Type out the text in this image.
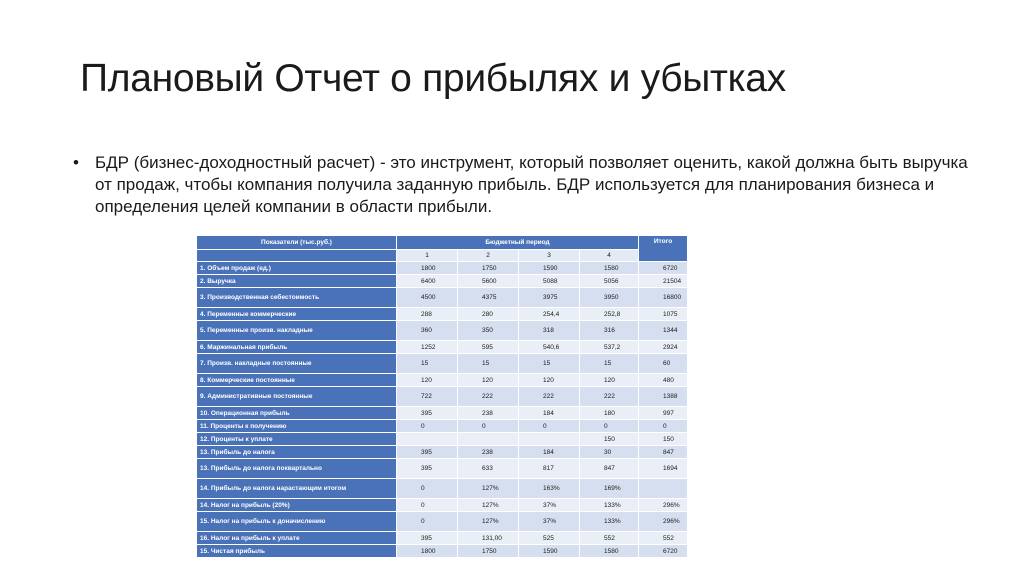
Плановый Отчет о прибылях и убытках
• БДР (бизнес-доходностный расчет) - это инструмент, который позволяет оценить, какой должна быть выручка от продаж, чтобы компания получила заданную прибыль. БДР используется для планирования бизнеса и определения целей компании в области прибыли.
Показатели (тыс.руб.)	Бюджетный период				Итого
	1	2	3	4	
1. Объем продаж (ед.)	1800	1750	1590	1580	6720
2. Выручка	6400	5600	5088	5056	21504
3. Производственная себестоимость	4500	4375	3975	3950	16800
4. Переменные коммерческие	288	280	254,4	252,8	1075
5. Переменные произв. накладные	360	350	318	316	1344
6. Маржинальная прибыль	1252	595	540,6	537,2	2924
7. Произв. накладные постоянные	15	15	15	15	60
8. Коммерческие постоянные	120	120	120	120	480
9. Административные постоянные	722	222	222	222	1388
10. Операционная прибыль	395	238	184	180	997
11. Проценты к получению	0	0	0	0	0
12. Проценты к уплате				150	150
13. Прибыль до налога	395	238	184	30	847
13. Прибыль до налога поквартально	395	633	817	847	1694
14. Прибыль до налога нарастающим итогом	0	127%	163%	169%	
14. Налог на прибыль (20%)	0	127%	37%	133%	296%
15. Налог на прибыль к доначислению	0	127%	37%	133%	296%
16. Налог на прибыль к уплате	395	131,00	525	552	552
15. Чистая прибыль	1800	1750	1590	1580	6720
